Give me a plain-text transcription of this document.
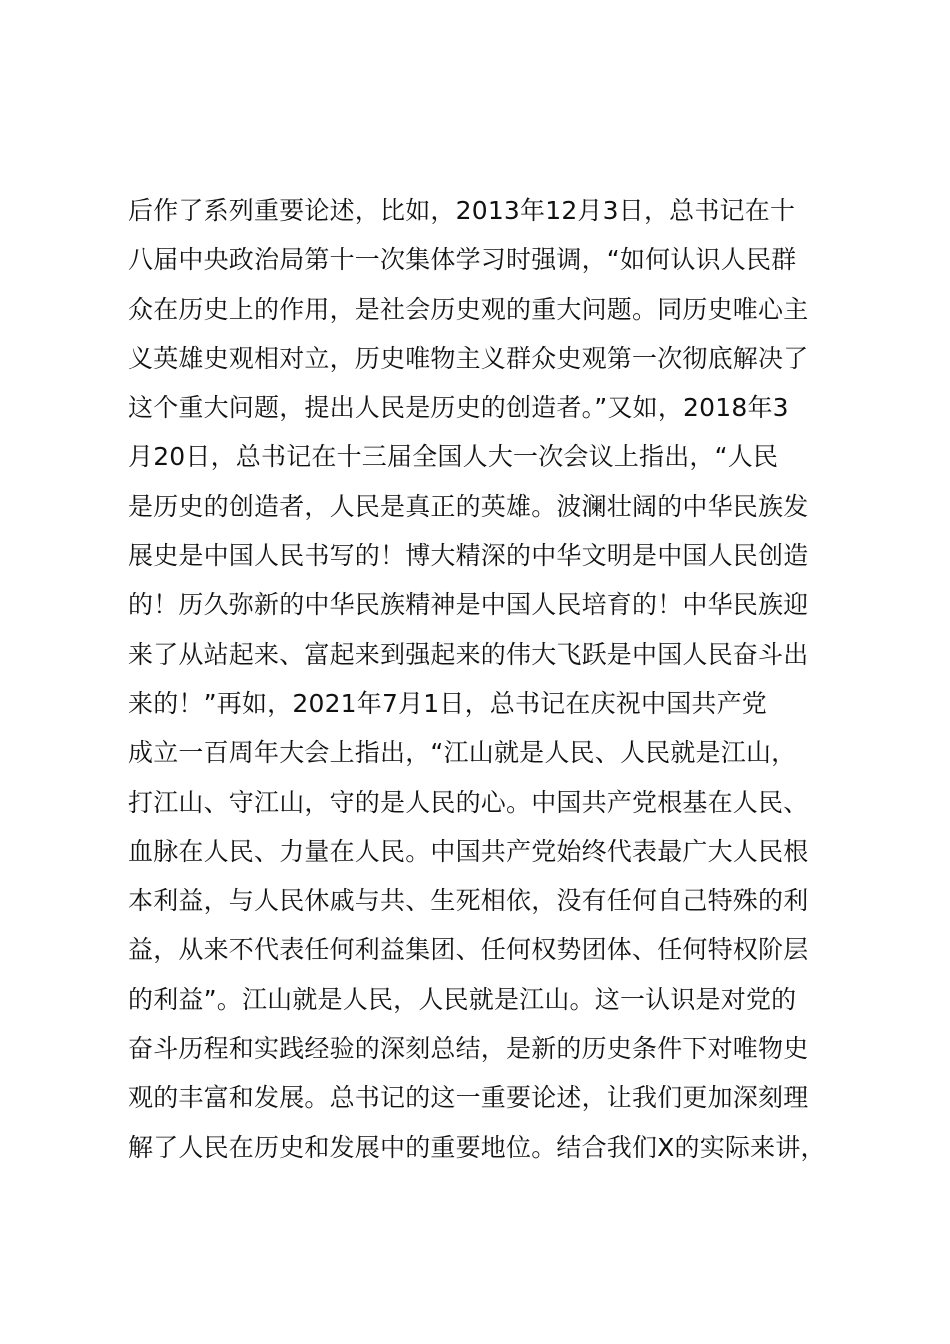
后作了系列重要论述，比如，2013年12月3日，总书记在十
八届中央政治局第十一次集体学习时强调，“如何认识人民群
众在历史上的作用，是社会历史观的重大问题。同历史唯心主
义英雄史观相对立，历史唯物主义群众史观第一次彻底解决了
这个重大问题，提出人民是历史的创造者。”又如，2018年3
月20日，总书记在十三届全国人大一次会议上指出，“人民
是历史的创造者，人民是真正的英雄。波澜壮阔的中华民族发
展史是中国人民书写的！博大精深的中华文明是中国人民创造
的！历久弥新的中华民族精神是中国人民培育的！中华民族迎
来了从站起来、富起来到强起来的伟大飞跃是中国人民奋斗出
来的！”再如，2021年7月1日，总书记在庆祝中国共产党
成立一百周年大会上指出，“江山就是人民、人民就是江山，
打江山、守江山，守的是人民的心。中国共产党根基在人民、
血脉在人民、力量在人民。中国共产党始终代表最广大人民根
本利益，与人民休戚与共、生死相依，没有任何自己特殊的利
益，从来不代表任何利益集团、任何权势团体、任何特权阶层
的利益”。江山就是人民，人民就是江山。这一认识是对党的
奋斗历程和实践经验的深刻总结，是新的历史条件下对唯物史
观的丰富和发展。总书记的这一重要论述，让我们更加深刻理
解了人民在历史和发展中的重要地位。结合我们X的实际来讲，
